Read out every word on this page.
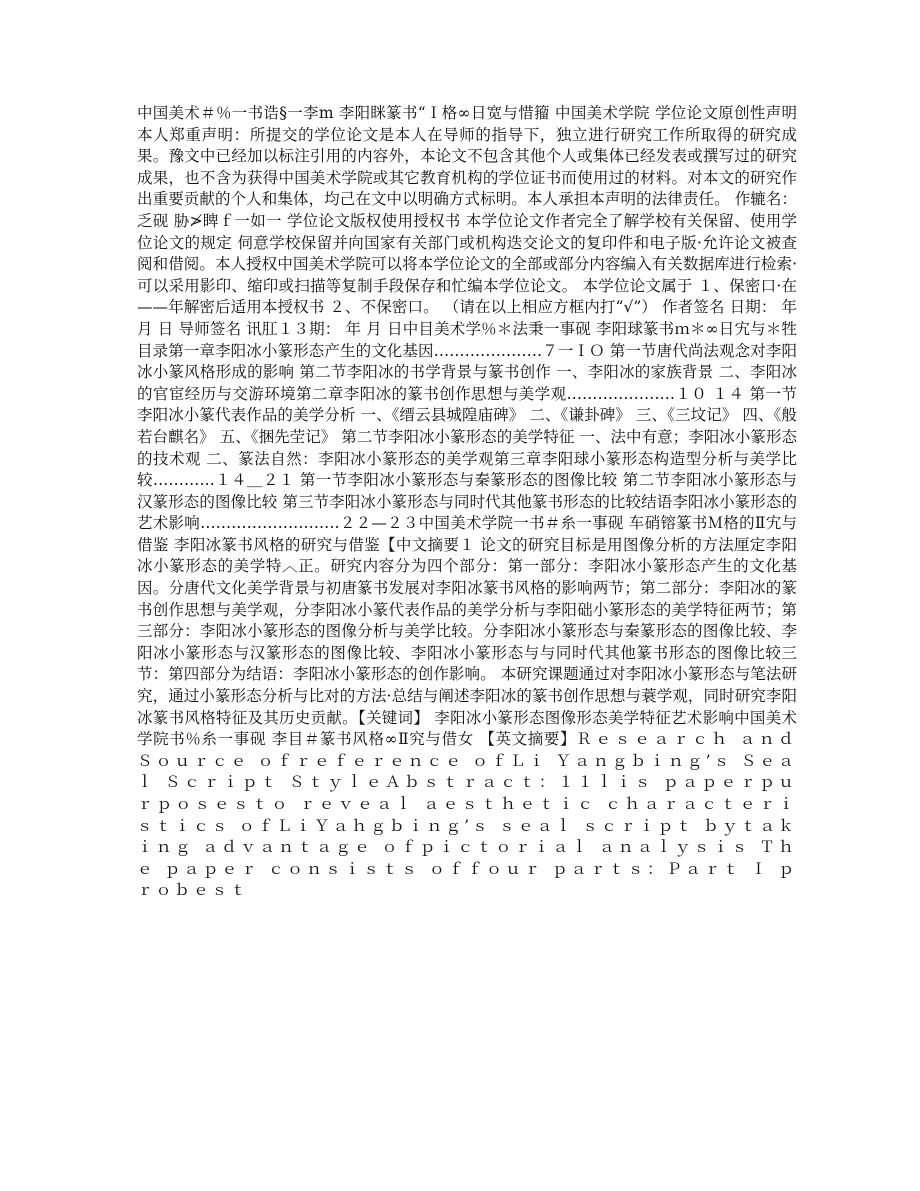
中国美术＃％一书诰§一李m 李阳眯篆书“Ｉ格∞日宽与惜籀 中国美术学院 学位论文原创性声明 本人郑重声明：所提交的学位论文是本人在导师的指导下，独立进行研究工作所取得的研究成果。豫文中已经加以标注引用的内容外，本论文不包含其他个人或集体已经发表或撰写过的研究成果，也不含为获得中国美术学院或其它教育机构的学位证书而使用过的材料。对本文的研究作出重要贡献的个人和集体，均己在文中以明确方式标明。本人承担本声明的法律责任。 作辘名：乏砚 胁≯睥ｆ一如一 学位论文版权使用授权书 本学位论文作者完全了解学校有关保留、使用学位论文的规定 伺意学校保留并向国家有关部门或机构迭交论文的复印件和电子版·允许论文被查阅和借阅。本人授权中国美术学院可以将本学位论文的全部或部分内容编入有关数据库进行检索·可以采用影印、缩印或扫描等复制手段保存和忙编本学位论文。 本学位论文属于 １、保密口·在——年解密后适用本授权书 ２、不保密口。 （请在以上相应方框内打“√”） 作者签名 日期： 年 月 日 导师签名 讯肛１３期： 年 月 日中目美术学％＊法秉一事砚 李阳球篆书ｍ＊∞日宄与＊牲 目录第一章李阳冰小篆形态产生的文化基因…………………７一ＩＯ 第一节唐代尚法观念对李阳冰小篆风格形成的影响 第二节李阳冰的书学背景与篆书创作 一、李阳冰的家族背景 二、李阳冰的官宦经历与交游环境第二章李阳冰的篆书创作思想与美学观…………………１０ １４ 第一节李阳冰小篆代表作品的美学分析 一、《缙云县城隍庙碑》 二、《谦卦碑》 三、《三坟记》 四、《般若台麒名》 五、《捆先茔记》 第二节李阳冰小篆形态的美学特征 一、法中有意；李阳冰小篆形态的技术观 二、篆法自然：李阳冰小篆形态的美学观第三章李阳球小篆形态构造型分析与美学比较…………１４＿２１ 第一节李阳冰小篆形态与秦篆形态的图像比较 第二节李阳冰小篆形态与汉篆形态的图像比较 第三节李阳冰小篆形态与同时代其他篆书形态的比较结语李阳冰小篆形态的艺术影响………………………２２—２３中国美术学院一书＃糸一事砚 车硝镕篆书Ｍ格的Ⅱ宄与借鉴 李阳冰篆书风格的研究与借鉴【中文摘要１ 论文的研究目标是用图像分析的方法厘定李阳冰小篆形态的美学特︿正。研究内容分为四个部分：第一部分：李阳冰小篆形态产生的文化基因。分唐代文化美学背景与初唐篆书发展对李阳冰篆书风格的影响两节；第二部分：李阳冰的篆书创作思想与美学观，分李阳冰小篆代表作品的美学分析与李阳础小篆形态的美学特征两节；第三部分：李阳冰小篆形态的图像分析与美学比较。分李阳冰小篆形态与秦篆形态的图像比较、李阳冰小篆形态与汉篆形态的图像比较、李阳冰小篆形态与与同时代其他篆书形态的图像比较三节：第四部分为结语：李阳冰小篆形态的创作影响。 本研究课题通过对李阳冰小篆形态与笔法研究，通过小篆形态分析与比对的方法·总结与阐述李阳冰的篆书创作思想与蓑学观，同时研究李阳冰篆书风格特征及其历史贡献。【关键词】 李阳冰小篆形态图像形态美学特征艺术影响中国美术学院书％糸一事砚 李目＃篆书风格∞Ⅱ究与借女 【英文摘要】Ｒｅｓｅａｒｃｈ ａｎｄ Ｓｏｕｒｃｅ ｏｆｒｅｆｅｒｅｎｃｅ ｏｆＬｉ Ｙａｎｇｂｉｎｇ’ｓ Ｓｅａｌ Ｓｃｒｉｐｔ ＳｔｙｌｅＡｂｓｔｒａｃｔ：１１ｌｉｓ ｐａｐｅｒｐｕｒｐｏｓｅｓｔｏ ｒｅｖｅａｌ ａｅｓｔｈｅｔｉｃ ｃｈａｒａｃｔｅｒｉｓｔｉｃｓ ｏｆＬｉＹａｈｇｂｉｎｇ’ｓ ｓｅａｌ ｓｃｒｉｐｔ ｂｙｔａｋｉｎｇ ａｄｖａｎｔａｇｅ ｏｆｐｉｃｔｏｒｉａｌ ａｎａｌｙｓｉｓ Ｔｈｅ ｐａｐｅｒ ｃｏｎｓｉｓｔｓ ｏｆｆｏｕｒ ｐａｒｔｓ：Ｐａｒｔ Ｉ ｐｒｏｂｅｓｔ
